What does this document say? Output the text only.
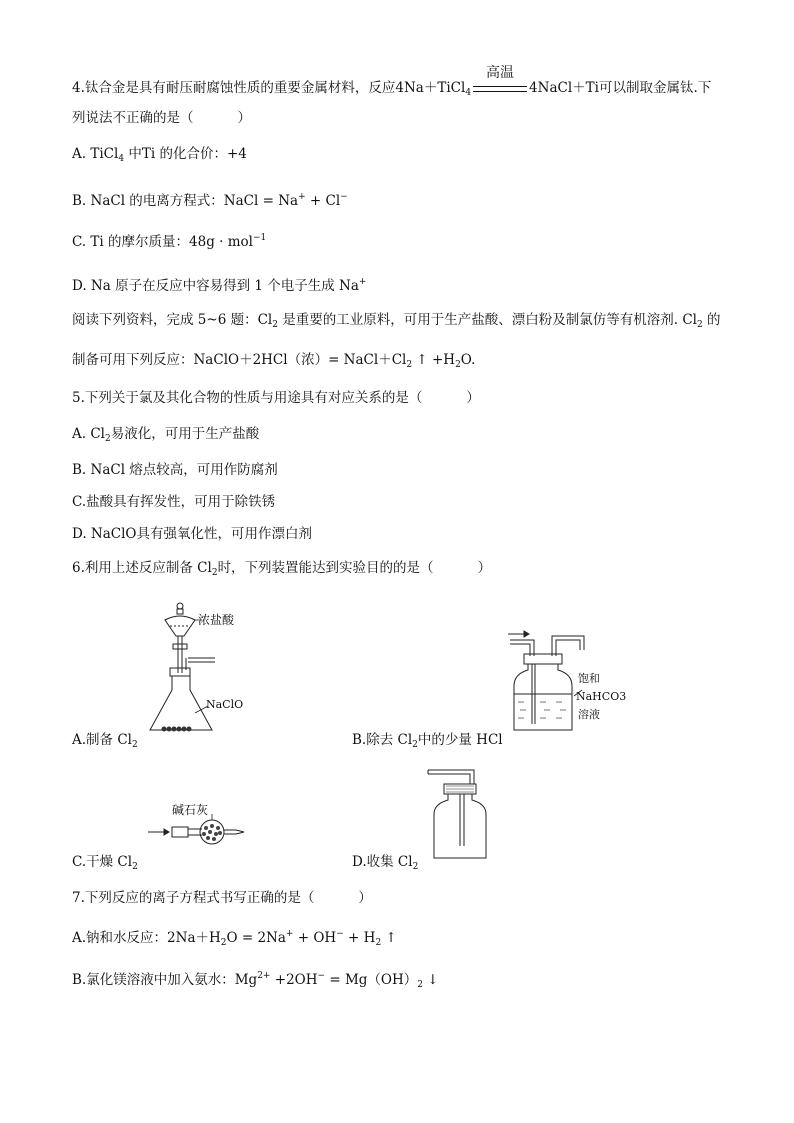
4.钛合金是具有耐压耐腐蚀性质的重要金属材料，反应4Na＋TiCl$_4$
高温
4NaCl＋Ti可以制取金属钛.下
列说法不正确的是（	）
A. TiCl$_4$ 中Ti 的化合价：+4
B. NaCl 的电离方程式：NaCl = Na+ + Cl−
C. Ti 的摩尔质量：48g · mol$^{-1}$
D. Na 原子在反应中容易得到 1 个电子生成 Na+
阅读下列资料，完成 5~6 题：$Cl_2$ 是重要的工业原料，可用于生产盐酸、漂白粉及制氯仿等有机溶剂. $Cl_2$ 的
制备可用下列反应：NaClO＋2HCl（浓）= $NaCl+Cl_2$ ↑ $+H_2O$.
5.下列关于氯及其化合物的性质与用途具有对应关系的是（	）
A. $Cl_2$易液化，可用于生产盐酸
B. NaCl 熔点较高，可用作防腐剂
C.盐酸具有挥发性，可用于除铁锈
D. NaClO具有强氧化性，可用作漂白剂
6.利用上述反应制备 $Cl_2$时，下列装置能达到实验目的的是（	）
浓盐酸
NaClO
A.制备 $Cl_2$
饱和
NaHCO3
溶液
B.除去 $Cl_2$中的少量 HCl
碱石灰
C.干燥 $Cl_2$	D.收集 $Cl_2$
7.下列反应的离子方程式书写正确的是（	）
A.钠和水反应：$2Na+H_2O = 2Na^+ + OH^- + H_2$ ↑
B.氯化镁溶液中加入氨水：$Mg^{2+} +2OH^- = Mg(OH)_2$ ↓
